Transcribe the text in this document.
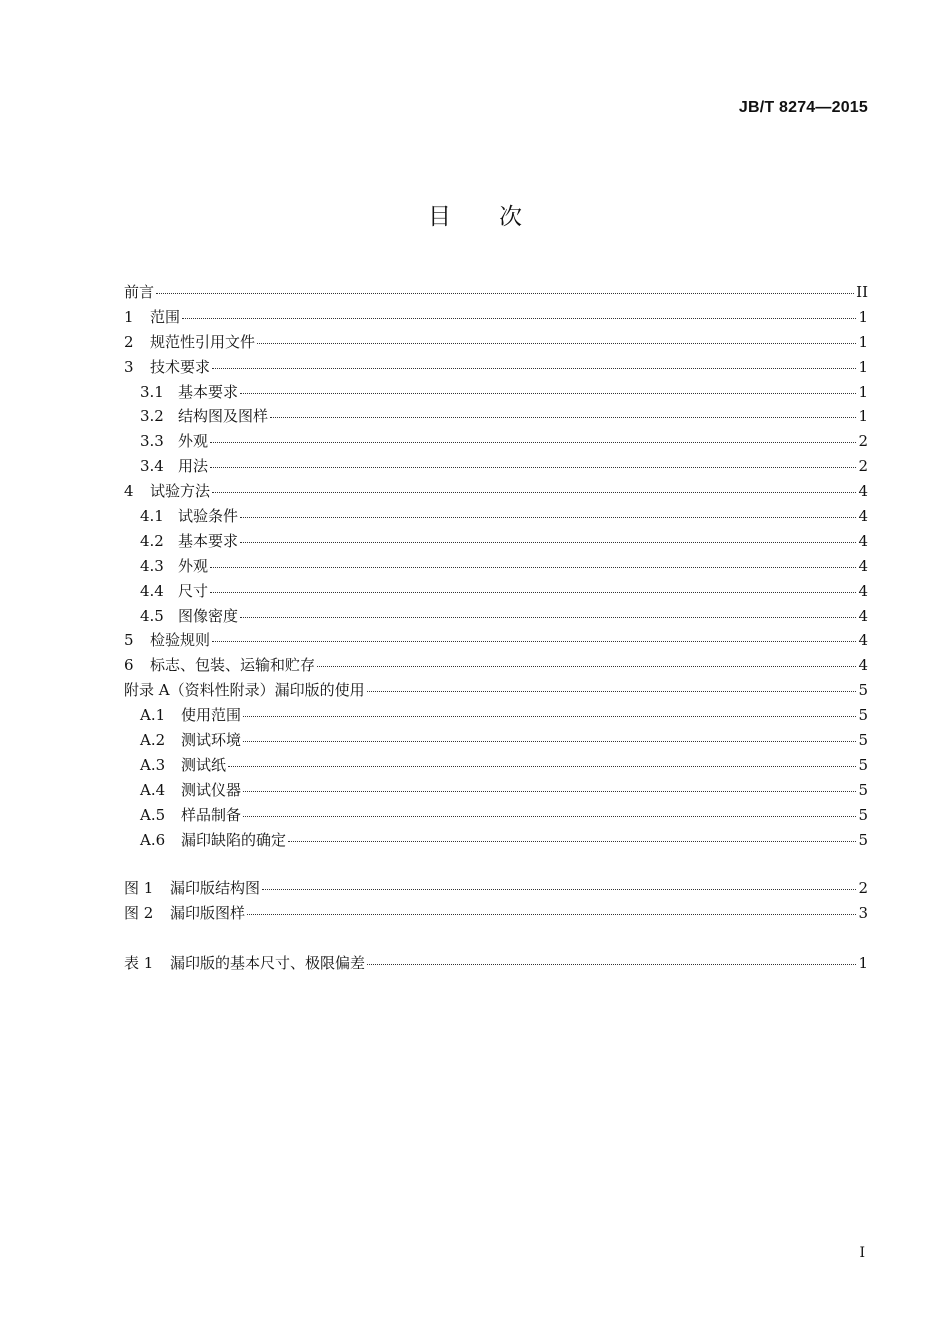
JB/T 8274—2015
目次
前言	II
1	范围	1
2	规范性引用文件	1
3	技术要求	1
3.1 基本要求	1
3.2 结构图及图样	1
3.3 外观	2
3.4 用法	2
4	试验方法	4
4.1 试验条件	4
4.2 基本要求	4
4.3 外观	4
4.4 尺寸	4
4.5 图像密度	4
5	检验规则	4
6	标志、包装、运输和贮存	4
附录 A（资料性附录）漏印版的使用	5
A.1	使用范围	5
A.2	测试环境	5
A.3	测试纸	5
A.4	测试仪器	5
A.5	样品制备	5
A.6	漏印缺陷的确定	5
图 1	漏印版结构图	2
图 2	漏印版图样	3
表 1	漏印版的基本尺寸、极限偏差	1
I
